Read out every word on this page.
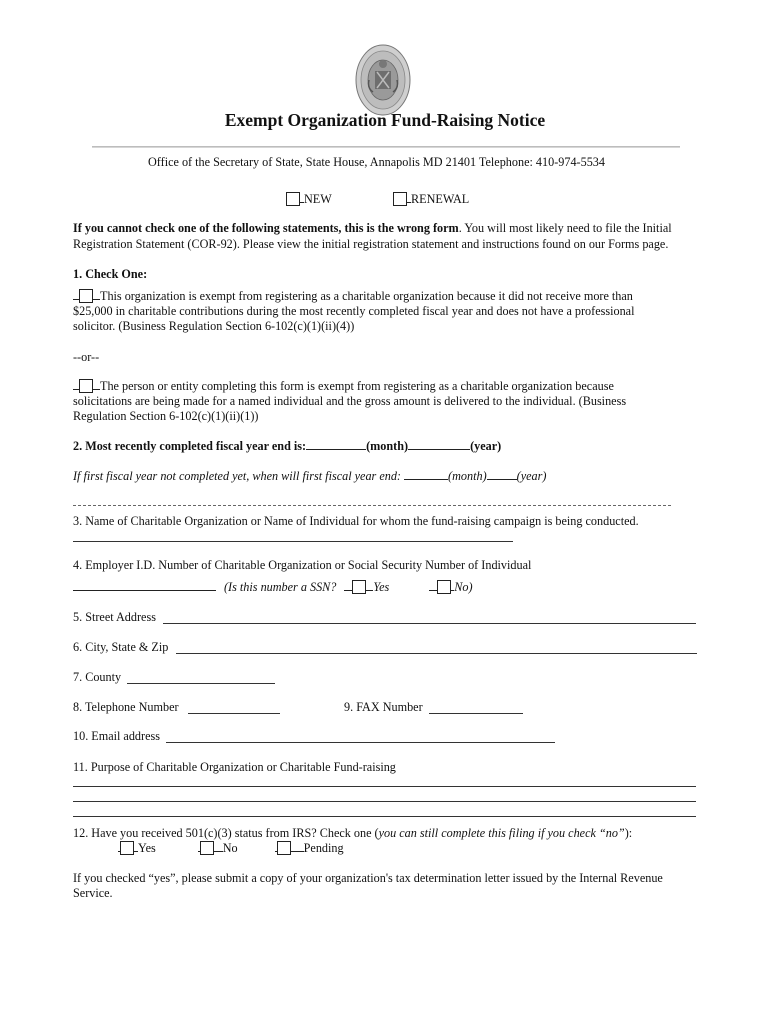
Exempt Organization Fund-Raising Notice
Office of the Secretary of State, State House, Annapolis MD 21401 Telephone: 410-974-5534
NEW	RENEWAL
If you cannot check one of the following statements, this is the wrong form. You will most likely need to file the Initial
Registration Statement (COR-92). Please view the initial registration statement and instructions found on our Forms page.
1. Check One:
This organization is exempt from registering as a charitable organization because it did not receive more than
$25,000 in charitable contributions during the most recently completed fiscal year and does not have a professional
solicitor. (Business Regulation Section 6-102(c)(1)(ii)(4))
--or--
The person or entity completing this form is exempt from registering as a charitable organization because
solicitations are being made for a named individual and the gross amount is delivered to the individual. (Business
Regulation Section 6-102(c)(1)(ii)(1))
2. Most recently completed fiscal year end is:	(month)	(year)
If first fiscal year not completed yet, when will first fiscal year end:	(month) (year)
3. Name of Charitable Organization or Name of Individual for whom the fund-raising campaign is being conducted.
4. Employer I.D. Number of Charitable Organization or Social Security Number of Individual
(Is this number a SSN?	Yes	No)
5. Street Address
6. City, State & Zip
7. County
8. Telephone Number	9. FAX Number
10. Email address
11. Purpose of Charitable Organization or Charitable Fund-raising
12. Have you received 501(c)(3) status from IRS? Check one (you can still complete this filing if you check “no”):
Yes	No	Pending
If you checked “yes”, please submit a copy of your organization's tax determination letter issued by the Internal Revenue
Service.
